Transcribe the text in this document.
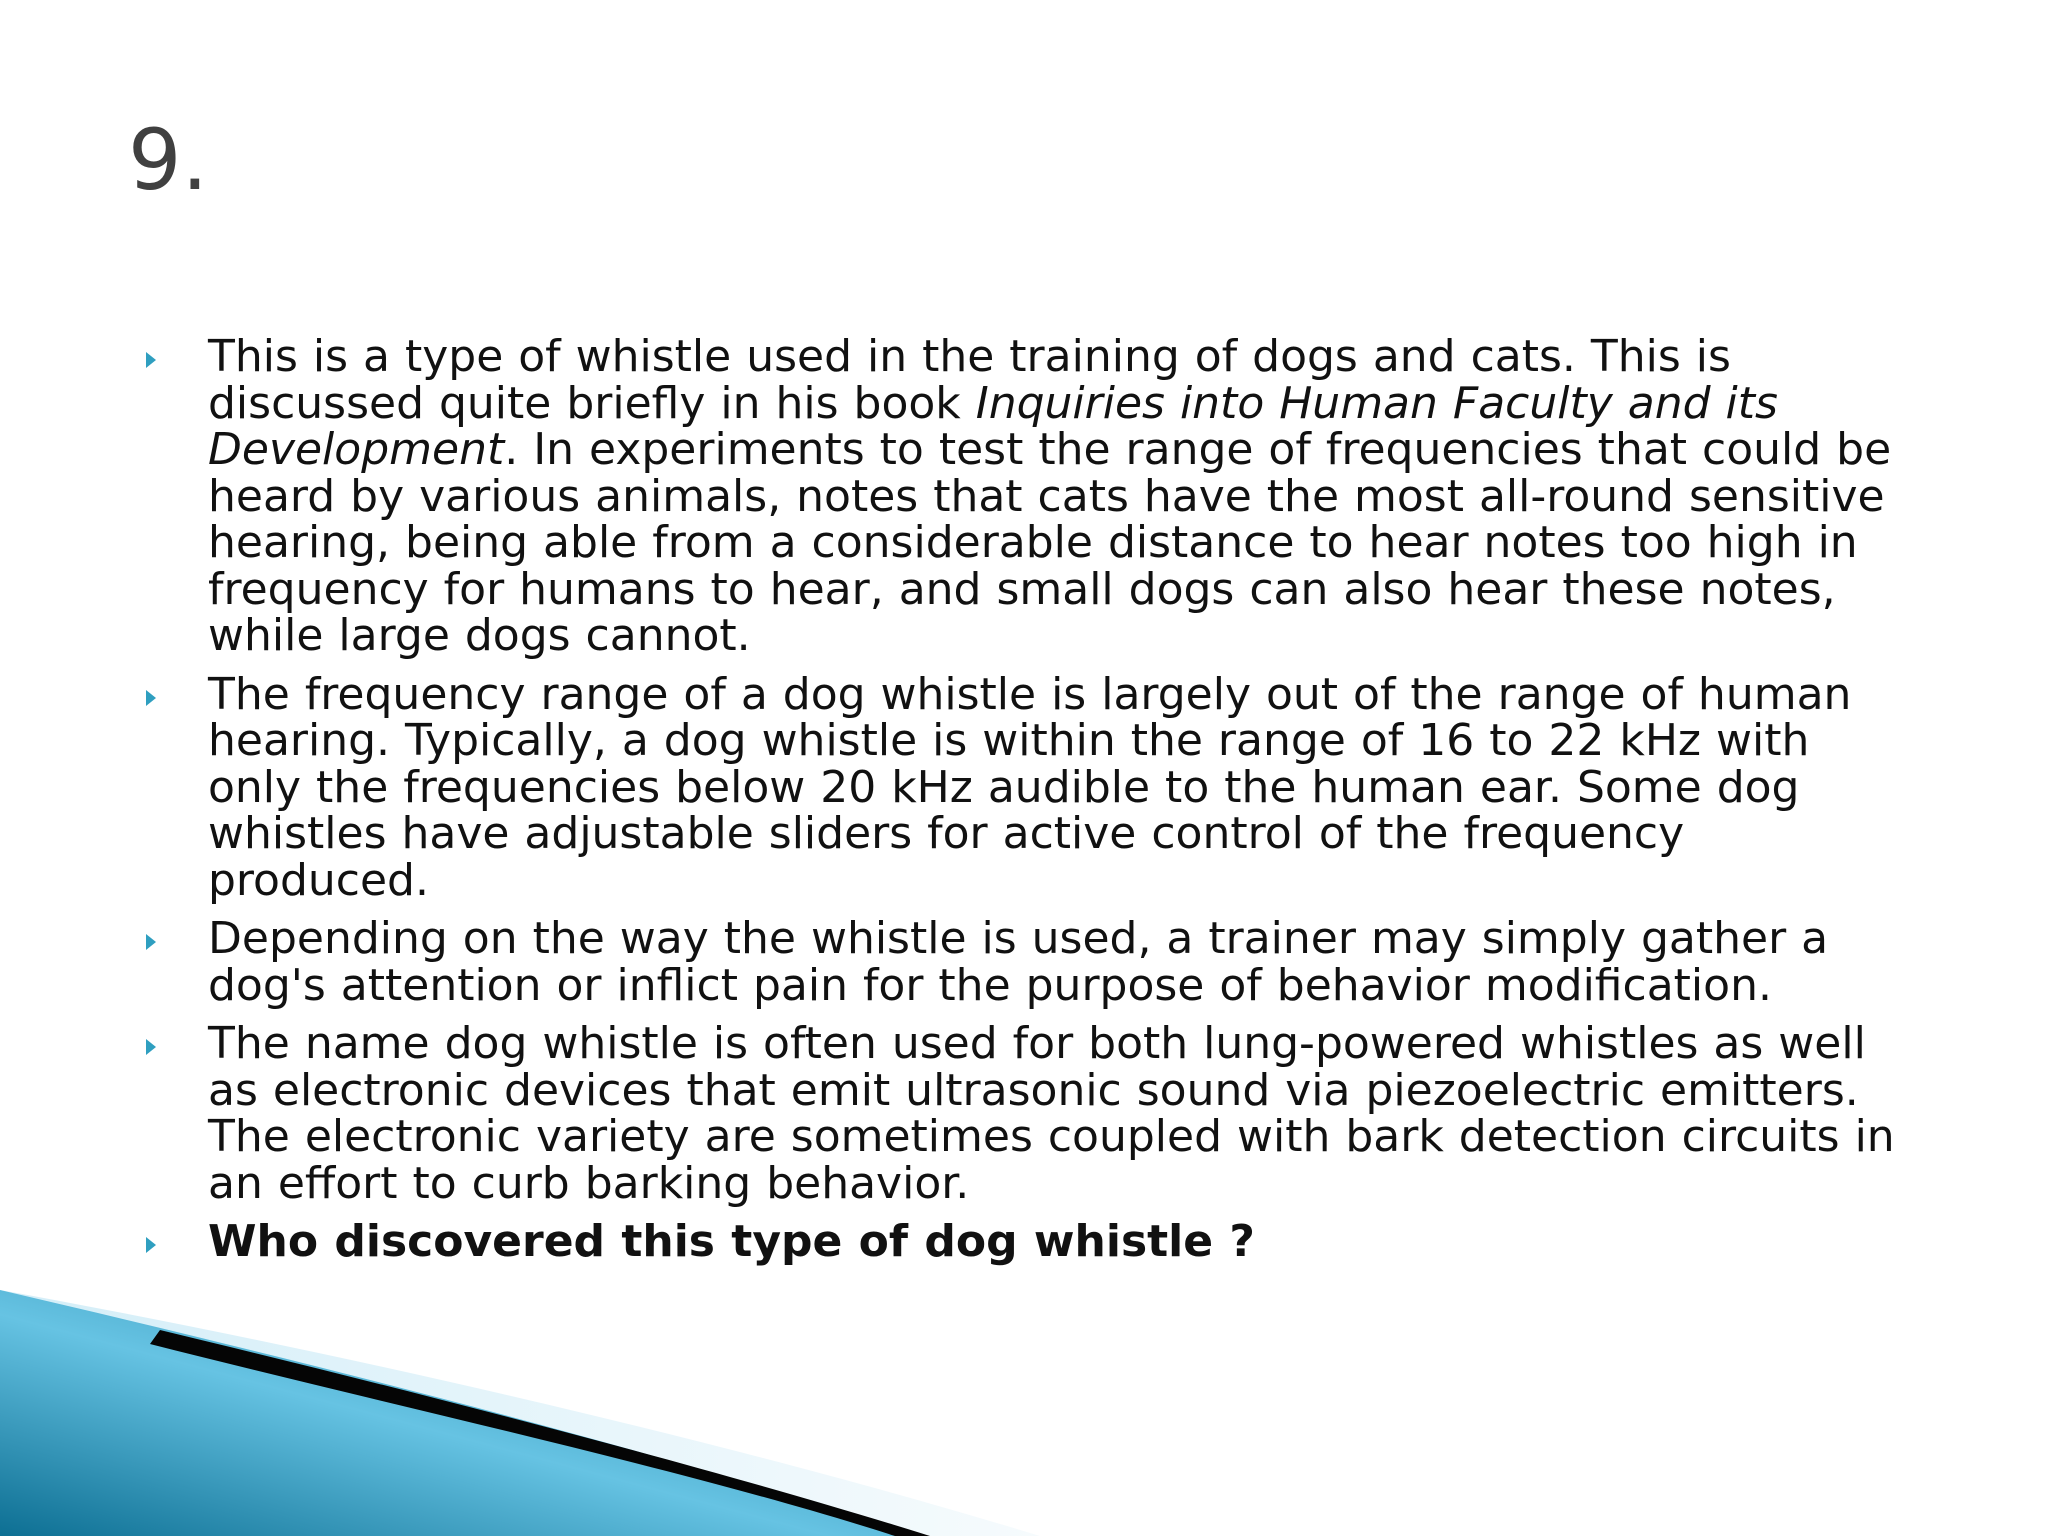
9.
This is a type of whistle used in the training of dogs and cats. This is discussed quite briefly in his book Inquiries into Human Faculty and its Development. In experiments to test the range of frequencies that could be heard by various animals, notes that cats have the most all-round sensitive hearing, being able from a considerable distance to hear notes too high in frequency for humans to hear, and small dogs can also hear these notes, while large dogs cannot.
The frequency range of a dog whistle is largely out of the range of human hearing. Typically, a dog whistle is within the range of 16 to 22 kHz with only the frequencies below 20 kHz audible to the human ear. Some dog whistles have adjustable sliders for active control of the frequency produced.
Depending on the way the whistle is used, a trainer may simply gather a dog's attention or inflict pain for the purpose of behavior modification.
The name dog whistle is often used for both lung-powered whistles as well as electronic devices that emit ultrasonic sound via piezoelectric emitters. The electronic variety are sometimes coupled with bark detection circuits in an effort to curb barking behavior.
Who discovered this type of dog whistle ?
